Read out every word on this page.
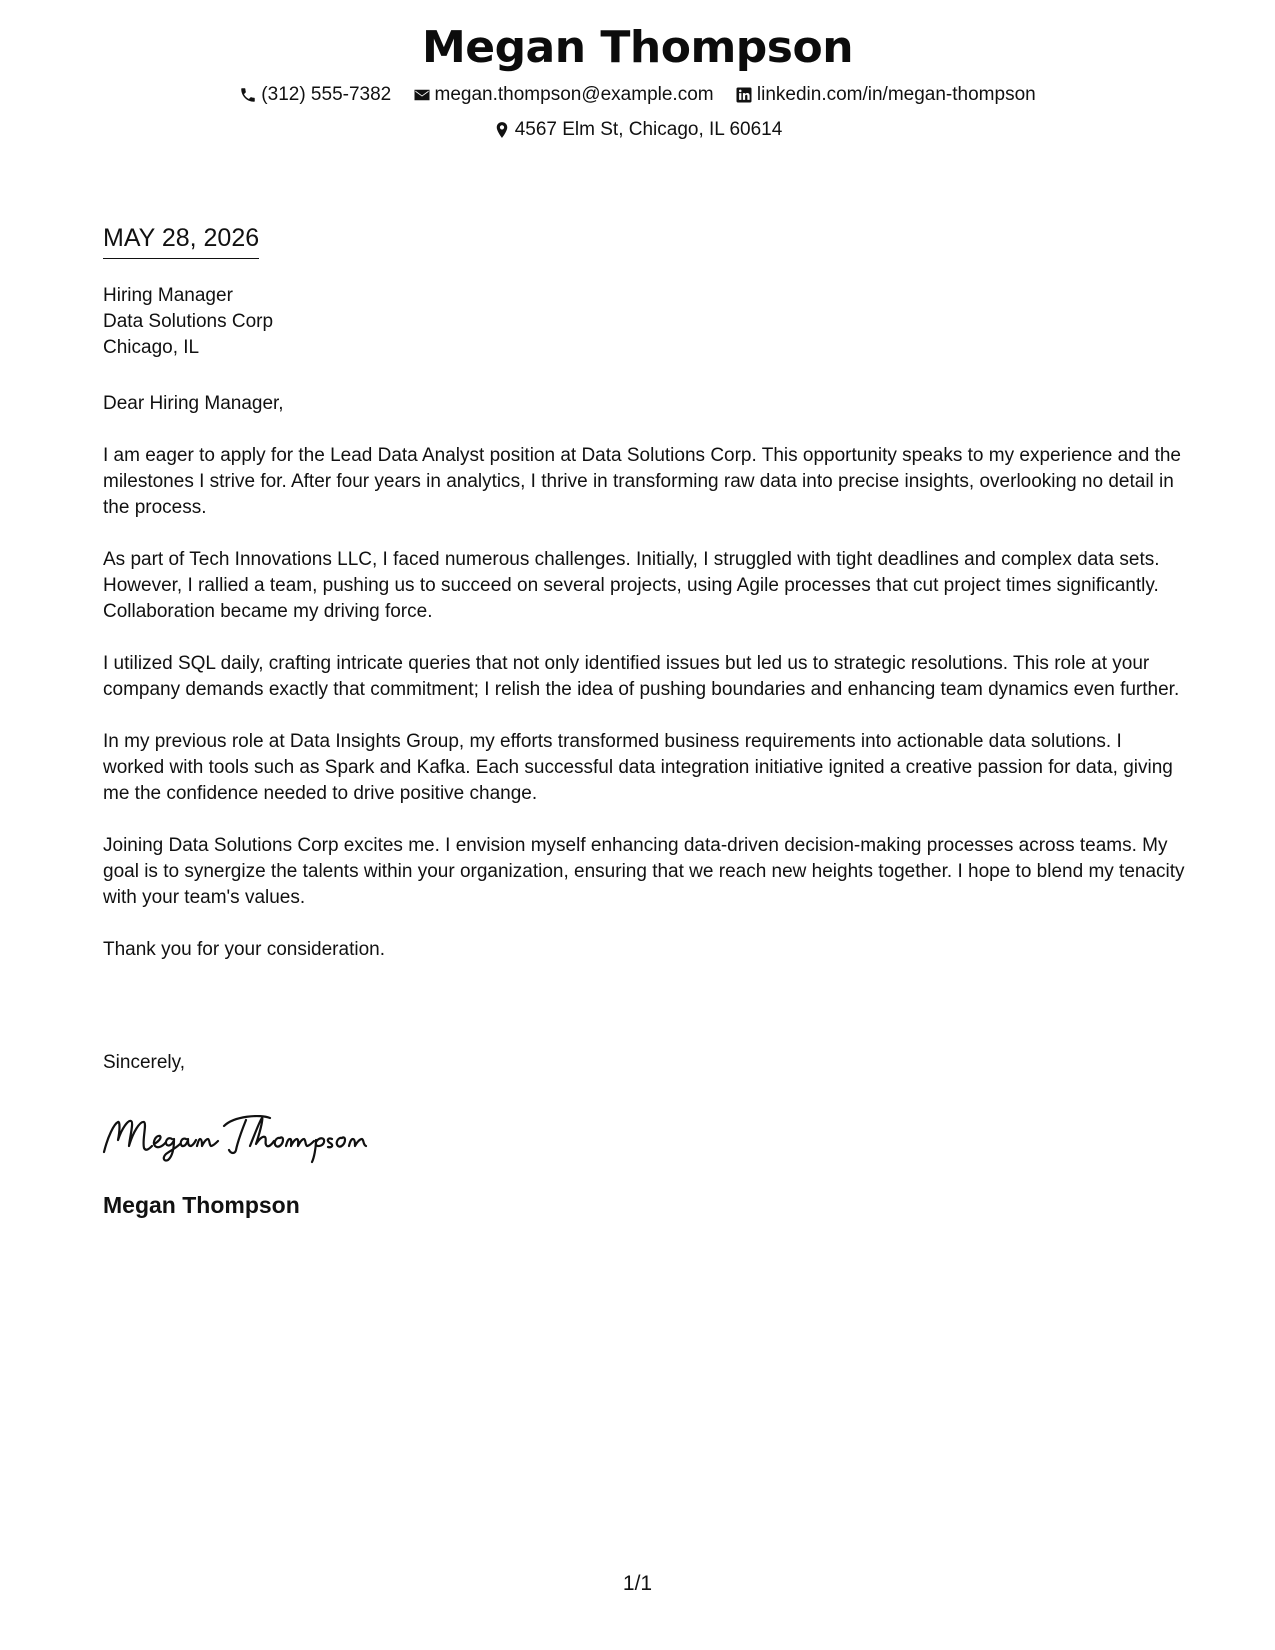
Megan Thompson
(312) 555-7382
megan.thompson@example.com
linkedin.com/in/megan-thompson
4567 Elm St, Chicago, IL 60614
MAY 28, 2026
Hiring Manager
Data Solutions Corp
Chicago, IL

Dear Hiring Manager,

I am eager to apply for the Lead Data Analyst position at Data Solutions Corp. This opportunity speaks to my experience and the milestones I strive for. After four years in analytics, I thrive in transforming raw data into precise insights, overlooking no detail in the process.

As part of Tech Innovations LLC, I faced numerous challenges. Initially, I struggled with tight deadlines and complex data sets. However, I rallied a team, pushing us to succeed on several projects, using Agile processes that cut project times significantly. Collaboration became my driving force.

I utilized SQL daily, crafting intricate queries that not only identified issues but led us to strategic resolutions. This role at your company demands exactly that commitment; I relish the idea of pushing boundaries and enhancing team dynamics even further.

In my previous role at Data Insights Group, my efforts transformed business requirements into actionable data solutions. I worked with tools such as Spark and Kafka. Each successful data integration initiative ignited a creative passion for data, giving me the confidence needed to drive positive change.

Joining Data Solutions Corp excites me. I envision myself enhancing data-driven decision-making processes across teams. My goal is to synergize the talents within your organization, ensuring that we reach new heights together. I hope to blend my tenacity with your team's values.

Thank you for your consideration.

Sincerely,
Megan Thompson
1/1
